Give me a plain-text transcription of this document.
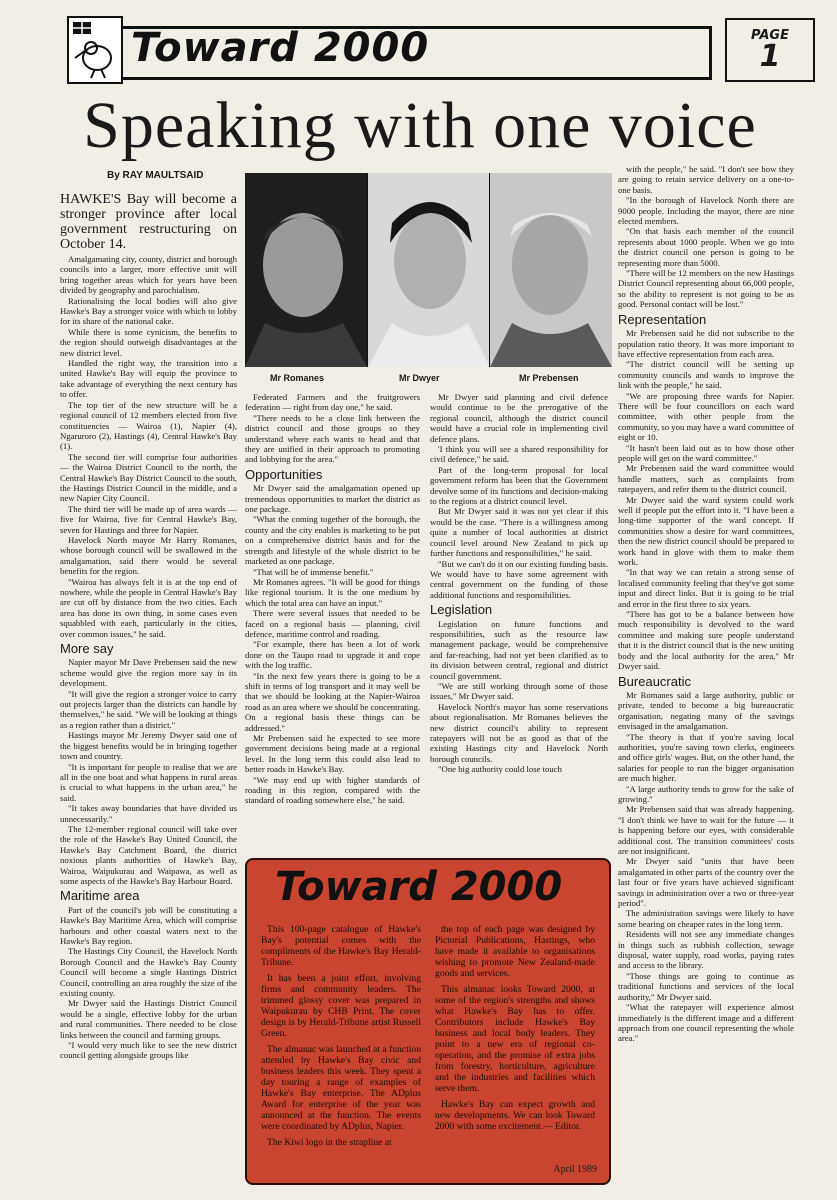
Toward 2000	PAGE
1
Speaking with one voice
By RAY MAULTSAID

HAWKE'S Bay will become a stronger province after local government restructuring on October 14.

Amalgamating city, county, district and borough councils into a larger, more effective unit will bring together areas which for years have been divided by geography and parochialism.

Rationalising the local bodies will also give Hawke's Bay a stronger voice with which to lobby for its share of the national cake.

While there is some cynicism, the benefits to the region should outweigh disadvantages at the new district level.

Handled the right way, the transition into a united Hawke's Bay will equip the province to take advantage of everything the next century has to offer.

The top tier of the new structure will be a regional council of 12 members elected from five constituencies — Wairoa (1), Napier (4), Ngaruroro (2), Hastings (4), Central Hawke's Bay (1).

The second tier will comprise four authorities — the Wairoa District Council to the north, the Central Hawke's Bay District Council to the south, the Hastings District Council in the middle, and a new Napier City Council.

The third tier will be made up of area wards — five for Wairoa, five for Central Hawke's Bay, seven for Hastings and three for Napier.

Havelock North mayor Mr Harry Romanes, whose borough council will be swallowed in the amalgamation, said there would be several benefits for the region.

"Wairoa has always felt it is at the top end of nowhere, while the people in Central Hawke's Bay are cut off by distance from the two cities. Each area has done its own thing, in some cases even squabbled with each, particularly in the cities, over common issues," he said.

More say

Napier mayor Mr Dave Prebensen said the new scheme would give the region more say in its development.

"It will give the region a stronger voice to carry out projects larger than the districts can handle by themselves," he said. "We will be looking at things as a region rather than a district."

Hastings mayor Mr Jeremy Dwyer said one of the biggest benefits would be in bringing together town and country.

"It is important for people to realise that we are all in the one boat and what happens in rural areas is crucial to what happens in the urban area," he said.

"It takes away boundaries that have divided us unnecessarily."

The 12-member regional council will take over the role of the Hawke's Bay United Council, the Hawke's Bay Catchment Board, the district noxious plants authorities of Hawke's Bay, Wairoa, Waipukurau and Waipawa, as well as some aspects of the Hawke's Bay Harbour Board.

Maritime area

Part of the council's job will be constituting a Hawke's Bay Maritime Area, which will comprise harbours and other coastal waters next to the Hawke's Bay region.

The Hastings City Council, the Havelock North Borough Council and the Hawke's Bay County Council will become a single Hastings District Council, controlling an area roughly the size of the existing county.

Mr Dwyer said the Hastings District Council would be a single, effective lobby for the urban and rural communities. There needed to be close links between the council and farming groups.

"I would very much like to see the new district council getting alongside groups like

Mr Romanes	Mr Dwyer	Mr Prebensen

Federated Farmers and the fruitgrowers federation — right from day one," he said.

"There needs to be a close link between the district council and those groups so they understand where each wants to head and that they are unified in their approach to promoting and lobbying for the area."

Opportunities

Mr Dwyer said the amalgamation opened up tremendous opportunities to market the district as one package.

"What the coming together of the borough, the county and the city enables is marketing to be put on a comprehensive district basis and for the strength and lifestyle of the whole district to be marketed as one package.

"That will be of immense benefit."

Mr Romanes agrees. "It will be good for things like regional tourism. It is the one medium by which the total area can have an input."

There were several issues that needed to be faced on a regional basis — planning, civil defence, maritime control and roading.

"For example, there has been a lot of work done on the Taupo road to upgrade it and cope with the log traffic.

"In the next few years there is going to be a shift in terms of log transport and it may well be that we should be looking at the Napier-Wairoa road as an area where we should be concentrating. On a regional basis these things can be addressed."

Mr Prebensen said he expected to see more government decisions being made at a regional level. In the long term this could also lead to better roads in Hawke's Bay.

"We may end up with higher standards of roading in this region, compared with the standard of roading somewhere else," he said.

Mr Dwyer said planning and civil defence would continue to be the prerogative of the regional council, although the district council would have a crucial role in implementing civil defence plans.

'I think you will see a shared responsibility for civil defence," he said.

Part of the long-term proposal for local government reform has been that the Government devolve some of its functions and decision-making to the regions at a district council level.

But Mr Dwyer said it was not yet clear if this would be the case. "There is a willingness among quite a number of local authorities at district council level around New Zealand to pick up further functions and responsibilities," he said.

"But we can't do it on our existing funding basis. We would have to have some agreement with central government on the funding of those additional functions and responsibilities.

Legislation

Legislation on future functions and responsibilities, such as the resource law management package, would be comprehensive and far-reaching, had not yet been clarified as to its division between central, regional and district council government.

"We are still working through some of those issues," Mr Dwyer said.

Havelock North's mayor has some reservations about regionalisation. Mr Romanes believes the new district council's ability to represent ratepayers will not be as good as that of the existing Hastings city and Havelock North borough councils.

"One big authority could lose touch

with the people," he said. "I don't see how they are going to retain service delivery on a one-to-one basis.

"In the borough of Havelock North there are 9000 people. Including the mayor, there are nine elected members.

"On that basis each member of the council represents about 1000 people. When we go into the district council one person is going to be representing more than 5000.

"There will be 12 members on the new Hastings District Council representing about 66,000 people, so the ability to represent is not going to be as good. Personal contact will be lost."

Representation

Mr Prebensen said he did not subscribe to the population ratio theory. It was more important to have effective representation from each area.

"The district council will be setting up community councils and wards to improve the link with the people," he said.

"We are proposing three wards for Napier. There will be four councillors on each ward committee, with other people from the community, so you may have a ward committee of eight or 10.

"It hasn't been laid out as to how those other people will get on the ward committee."

Mr Prebensen said the ward committee would handle matters, such as complaints from ratepayers, and refer them to the district council.

Mr Dwyer said the ward system could work well if people put the effort into it. "I have been a long-time supporter of the ward concept. If communities show a desire for ward committees, then the new district council should be prepared to work hand in glove with them to make them work.

"In that way we can retain a strong sense of localised community feeling that they've got some input and direct links. But it is going to be trial and error in the first three to six years.

"There has got to be a balance between how much responsibility is devolved to the ward committee and making sure people understand that it is the district council that is the new uniting body and the local authority for the area," Mr Dwyer said.

Bureaucratic

Mr Romanes said a large authority, public or private, tended to become a big bureaucratic organisation, negating many of the savings envisaged in the amalgamation.

"The theory is that if you're saving local authorities, you're saving town clerks, engineers and office girls' wages. But, on the other hand, the salaries for people to run the bigger organisation are much higher.

"A large authority tends to grow for the sake of growing."

Mr Prebensen said that was already happening. "I don't think we have to wait for the future — it is happening before our eyes, with considerable additional cost. The transition committees' costs are not insignificant.

Mr Dwyer said "units that have been amalgamated in other parts of the country over the last four or five years have achieved significant savings in administration over a two or three-year period".

The administration savings were likely to have some bearing on cheaper rates in the long term.

Residents will not see any immediate changes in things such as rubbish collection, sewage disposal, water supply, road works, paying rates and access to the library.

"Those things are going to continue as traditional functions and services of the local authority," Mr Dwyer said.

"What the ratepayer will experience almost immediately is the different image and a different approach from one council representing the whole area."

Toward 2000

This 100-page catalogue of Hawke's Bay's potential comes with the compliments of the Hawke's Bay Herald-Tribune.

It has been a joint effort, involving firms and community leaders. The trimmed glossy cover was prepared in Waipukurau by CHB Print. The cover design is by Herald-Tribune artist Russell Green.

The almanac was launched at a function attended by Hawke's Bay civic and business leaders this week. They spent a day touring a range of examples of Hawke's Bay enterprise. The ADplus Award for enterprise of the year was announced at the function. The events were coordinated by ADplus, Napier.

The Kiwi logo in the strapline at

the top of each page was designed by Pictorial Publications, Hastings, who have made it available to organisations wishing to promote New Zealand-made goods and services.

This almanac looks Toward 2000, at some of the region's strengths and shows what Hawke's Bay has to offer. Contributors include Hawke's Bay business and local body leaders. They point to a new era of regional co-operation, and the promise of extra jobs from forestry, horticulture, agriculture and the industries and facilities which serve them.

Hawke's Bay can expect growth and new developments. We can look Toward 2000 with some excitement.— Editor.

April 1989
